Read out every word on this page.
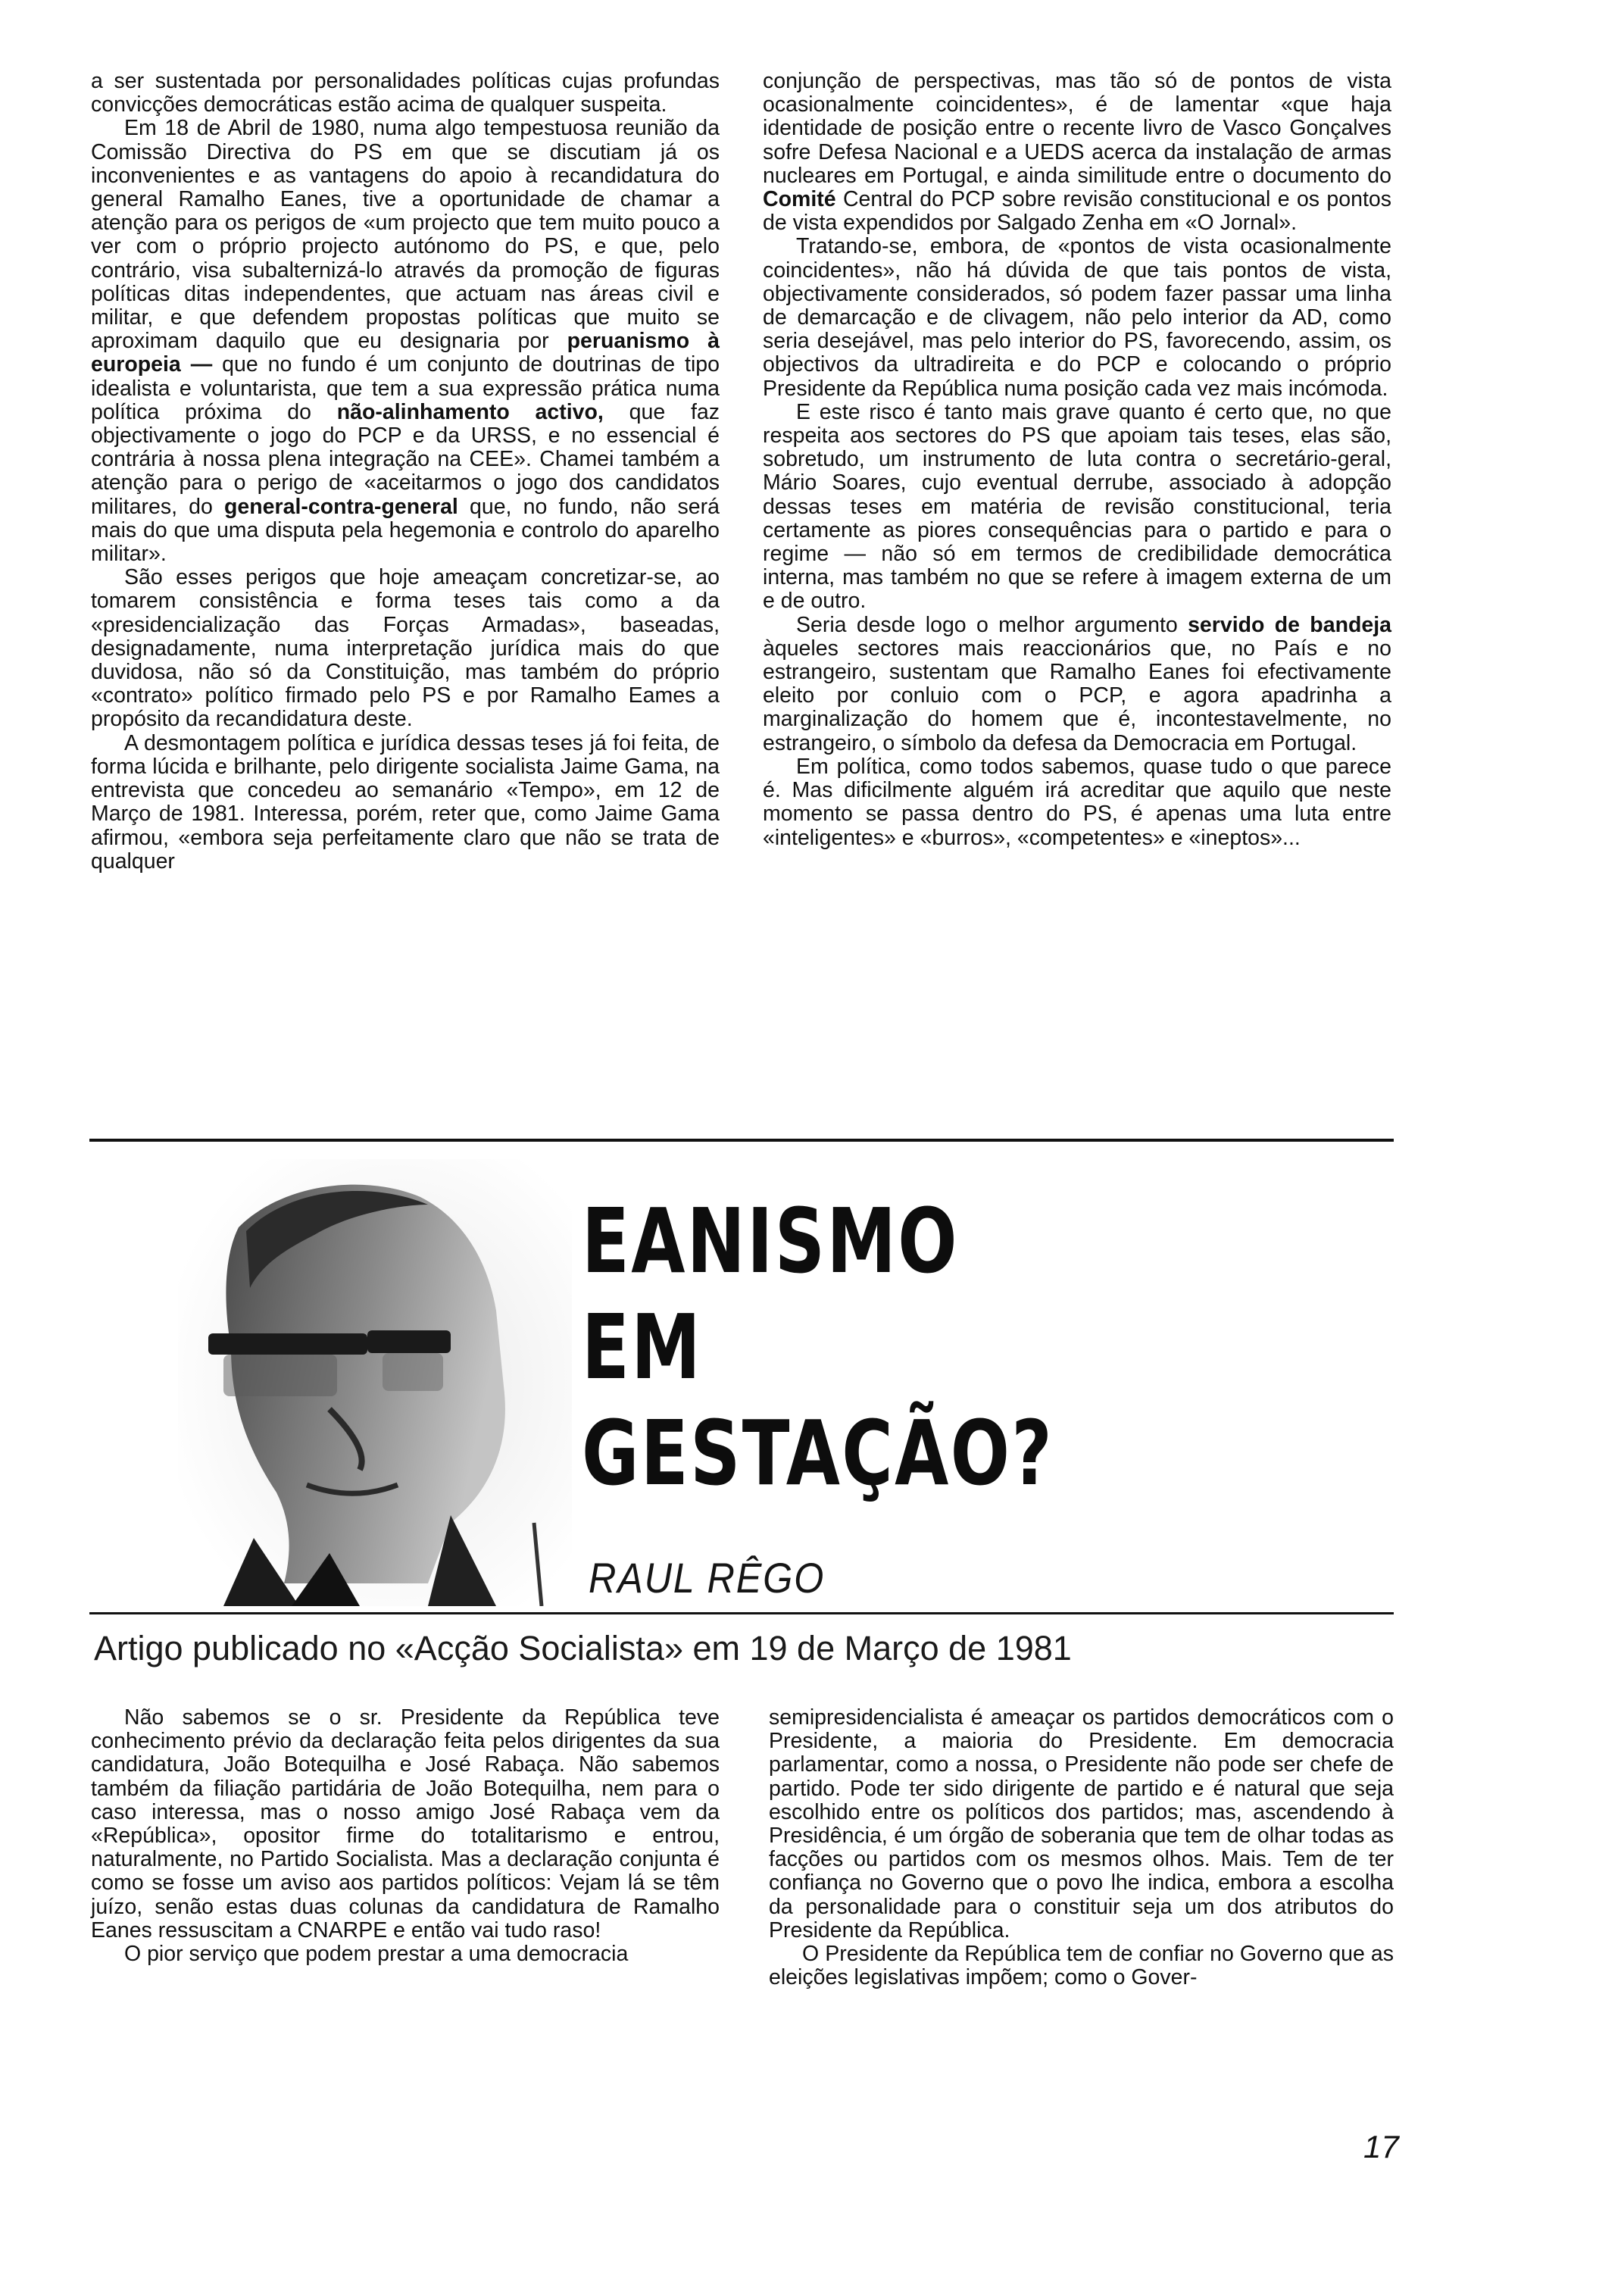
a ser sustentada por personalidades políticas cujas profundas convicções democráticas estão acima de qualquer suspeita.

Em 18 de Abril de 1980, numa algo tempestuosa reunião da Comissão Directiva do PS em que se discutiam já os inconvenientes e as vantagens do apoio à recandidatura do general Ramalho Eanes, tive a oportunidade de chamar a atenção para os perigos de «um projecto que tem muito pouco a ver com o próprio projecto autónomo do PS, e que, pelo contrário, visa subalternizá-lo através da promoção de figuras políticas ditas independentes, que actuam nas áreas civil e militar, e que defendem propostas políticas que muito se aproximam daquilo que eu designaria por peruanismo à europeia — que no fundo é um conjunto de doutrinas de tipo idealista e voluntarista, que tem a sua expressão prática numa política próxima do não-alinhamento activo, que faz objectivamente o jogo do PCP e da URSS, e no essencial é contrária à nossa plena integração na CEE». Chamei também a atenção para o perigo de «aceitarmos o jogo dos candidatos militares, do general-contra-general que, no fundo, não será mais do que uma disputa pela hegemonia e controlo do aparelho militar».

São esses perigos que hoje ameaçam concretizar-se, ao tomarem consistência e forma teses tais como a da «presidencialização das Forças Armadas», baseadas, designadamente, numa interpretação jurídica mais do que duvidosa, não só da Constituição, mas também do próprio «contrato» político firmado pelo PS e por Ramalho Eames a propósito da recandidatura deste.

A desmontagem política e jurídica dessas teses já foi feita, de forma lúcida e brilhante, pelo dirigente socialista Jaime Gama, na entrevista que concedeu ao semanário «Tempo», em 12 de Março de 1981. Interessa, porém, reter que, como Jaime Gama afirmou, «embora seja perfeitamente claro que não se trata de qualquer

conjunção de perspectivas, mas tão só de pontos de vista ocasionalmente coincidentes», é de lamentar «que haja identidade de posição entre o recente livro de Vasco Gonçalves sofre Defesa Nacional e a UEDS acerca da instalação de armas nucleares em Portugal, e ainda similitude entre o documento do Comité Central do PCP sobre revisão constitucional e os pontos de vista expendidos por Salgado Zenha em «O Jornal».

Tratando-se, embora, de «pontos de vista ocasionalmente coincidentes», não há dúvida de que tais pontos de vista, objectivamente considerados, só podem fazer passar uma linha de demarcação e de clivagem, não pelo interior da AD, como seria desejável, mas pelo interior do PS, favorecendo, assim, os objectivos da ultradireita e do PCP e colocando o próprio Presidente da República numa posição cada vez mais incómoda.

E este risco é tanto mais grave quanto é certo que, no que respeita aos sectores do PS que apoiam tais teses, elas são, sobretudo, um instrumento de luta contra o secretário-geral, Mário Soares, cujo eventual derrube, associado à adopção dessas teses em matéria de revisão constitucional, teria certamente as piores consequências para o partido e para o regime — não só em termos de credibilidade democrática interna, mas também no que se refere à imagem externa de um e de outro.

Seria desde logo o melhor argumento servido de bandeja àqueles sectores mais reaccionários que, no País e no estrangeiro, sustentam que Ramalho Eanes foi efectivamente eleito por conluio com o PCP, e agora apadrinha a marginalização do homem que é, incontestavelmente, no estrangeiro, o símbolo da defesa da Democracia em Portugal.

Em política, como todos sabemos, quase tudo o que parece é. Mas dificilmente alguém irá acreditar que aquilo que neste momento se passa dentro do PS, é apenas uma luta entre «inteligentes» e «burros», «competentes» e «ineptos»...

EANISMO
EM
GESTAÇÃO?
RAUL RÊGO
Artigo publicado no «Acção Socialista» em 19 de Março de 1981

Não sabemos se o sr. Presidente da República teve conhecimento prévio da declaração feita pelos dirigentes da sua candidatura, João Botequilha e José Rabaça. Não sabemos também da filiação partidária de João Botequilha, nem para o caso interessa, mas o nosso amigo José Rabaça vem da «República», opositor firme do totalitarismo e entrou, naturalmente, no Partido Socialista. Mas a declaração conjunta é como se fosse um aviso aos partidos políticos: Vejam lá se têm juízo, senão estas duas colunas da candidatura de Ramalho Eanes ressuscitam a CNARPE e então vai tudo raso!

O pior serviço que podem prestar a uma democracia

semipresidencialista é ameaçar os partidos democráticos com o Presidente, a maioria do Presidente. Em democracia parlamentar, como a nossa, o Presidente não pode ser chefe de partido. Pode ter sido dirigente de partido e é natural que seja escolhido entre os políticos dos partidos; mas, ascendendo à Presidência, é um órgão de soberania que tem de olhar todas as facções ou partidos com os mesmos olhos. Mais. Tem de ter confiança no Governo que o povo lhe indica, embora a escolha da personalidade para o constituir seja um dos atributos do Presidente da República.

O Presidente da República tem de confiar no Governo que as eleições legislativas impõem; como o Gover-

17
